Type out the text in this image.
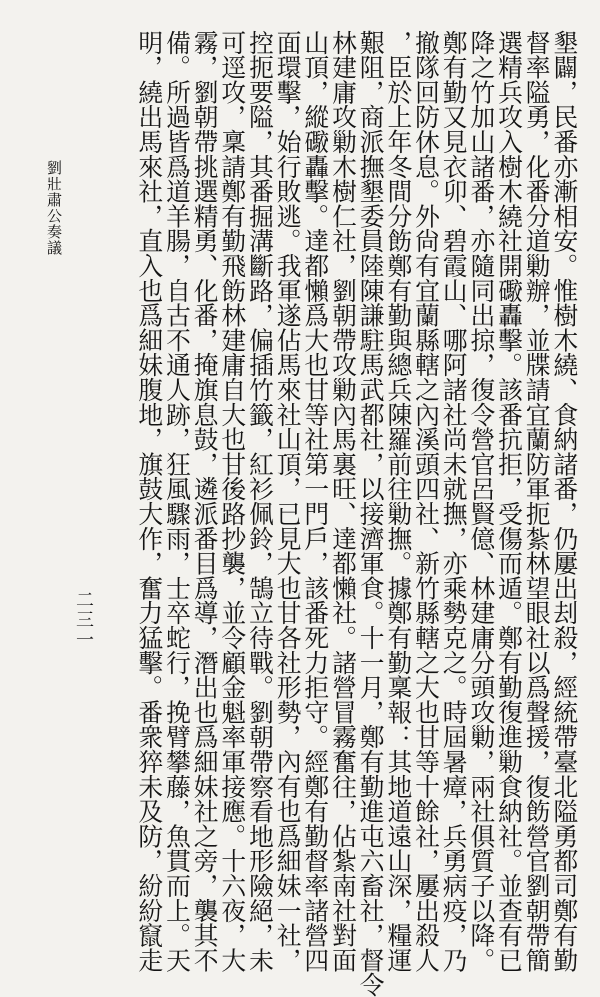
墾闢，民番亦漸相安。惟樹木繞、食納諸番，仍屢出刦殺，經統帶臺北隘勇都司鄭有勤
督率隘勇，化番分道勦辦，並牒請宜蘭防軍扼紮林望眼社以爲聲援，復飭營官劉朝帶簡
選精兵攻入樹木繞社開礮轟擊。該番抗拒，受傷而遁。鄭有勤復進勦食納社。並查有已
降之竹加山諸番，亦隨同出掠，復令營官呂賢億、林建庸分頭攻勦，兩社俱質子以降。
鄭有勤又見衣卯、碧霞山、哪阿諸社尚未就撫，亦乘勢克之。時屆暑瘴，兵勇病疫，乃
撤隊回防休息。外尙有宜蘭縣轄之內溪頭四社、新竹縣轄之大也甘等十餘社，屢出殺人
，臣於上年冬間分飭鄭有勤與總兵陳羅前往勦撫。據鄭有勤稟報：其地道遠山深，糧運
艱阻，商派撫墾委員陸陳謙駐馬武都社，以接濟軍食。十一月，鄭有勤進屯六畜社，督令
林建庸攻勦木樹仁社，劉朝帶攻勦內馬裏旺、達都懶社。諸營冒霧奮往，佔紮南社對面
山頂，縱礮轟擊。達都懶爲大也甘等社第一門戶，該番死力拒守。經鄭有勤督率諸營四
面環擊，始行敗逃。我軍遂佔馬來社山頂，已見大也甘各社形勢，內有也爲細妹一社，
控扼要隘，其番掘溝斷路，偏插竹籤，紅衫佩鈴，鵠立待戰。劉朝帶察看地形險絕，未
可逕攻，稟請鄭有勤飛飭林建庸自大也甘後路抄襲，並令顧金魁率軍接應。十六夜，大
霧，劉朝帶挑選精勇、化番，掩旗息鼓，遴派番目爲導，潛出也爲細妹社之旁，襲其不
備。所過皆爲道羊腸，自古不通人跡，狂風驟雨，士卒蛇行，挽臂攀藤，魚貫而上。天
明，繞出馬來社，直入也爲細妹腹地，旗鼓大作，奮力猛擊。番衆猝未及防，紛紛竄走
劉壯肅公奏議
二三一
